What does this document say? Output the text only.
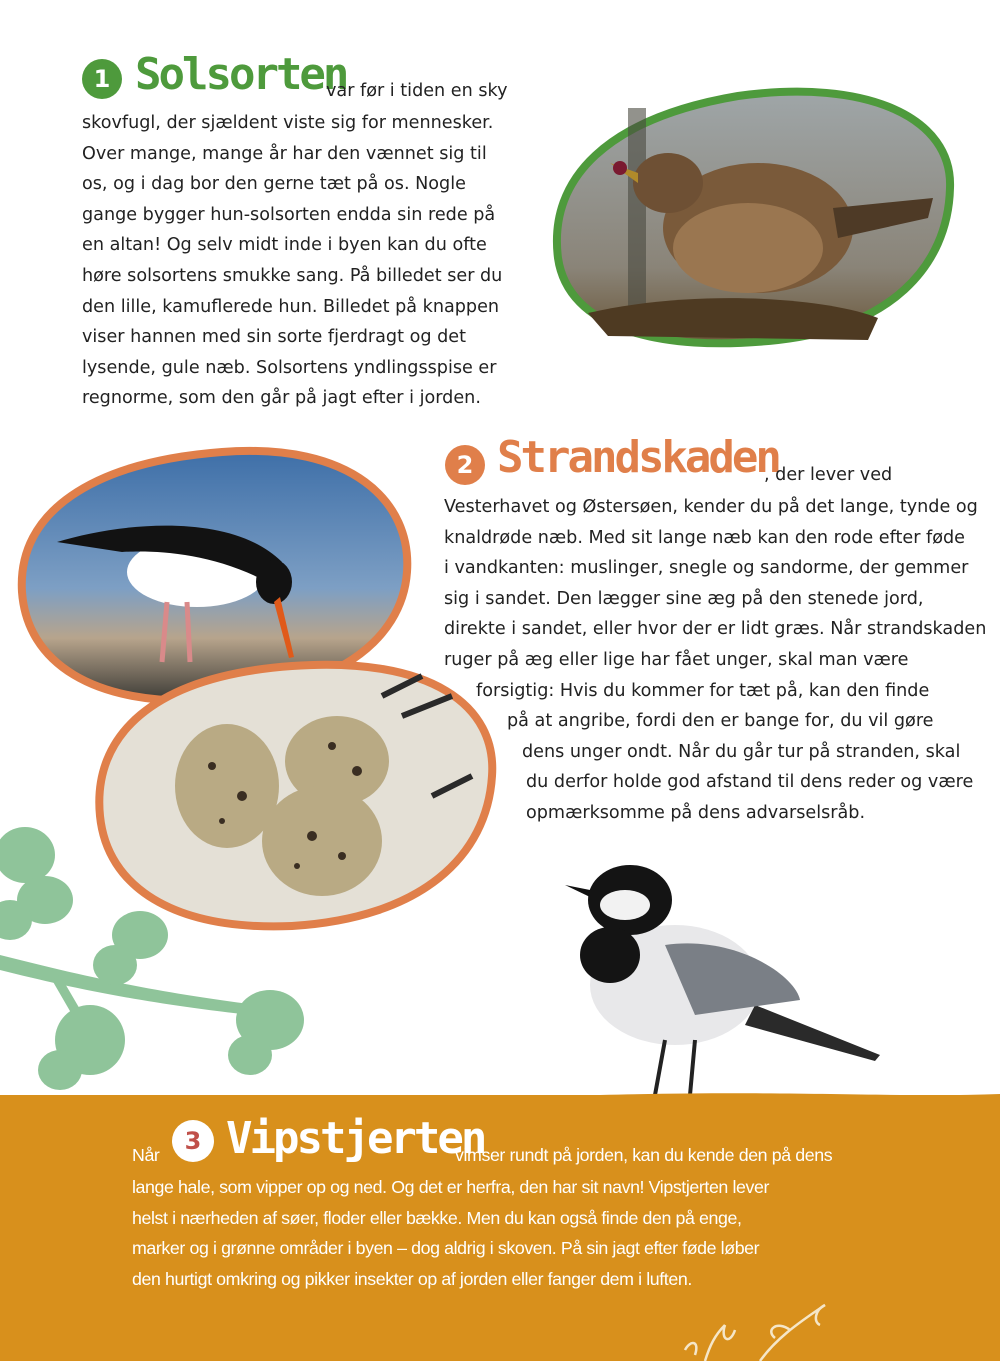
1 Solsorten
var før i tiden en sky
skovfugl, der sjældent viste sig for mennesker.
Over mange, mange år har den vænnet sig til
os, og i dag bor den gerne tæt på os. Nogle
gange bygger hun-solsorten endda sin rede på
en altan! Og selv midt inde i byen kan du ofte
høre solsortens smukke sang. På billedet ser du
den lille, kamuflerede hun. Billedet på knappen
viser hannen med sin sorte fjerdragt og det
lysende, gule næb. Solsortens yndlingsspise er
regnorme, som den går på jagt efter i jorden.
2 Strandskaden
, der lever ved
Vesterhavet og Østersøen, kender du på det lange, tynde og
knaldrøde næb. Med sit lange næb kan den rode efter føde
i vandkanten: muslinger, snegle og sandorme, der gemmer
sig i sandet. Den lægger sine æg på den stenede jord,
direkte i sandet, eller hvor der er lidt græs. Når strandskaden
ruger på æg eller lige har fået unger, skal man være
forsigtig: Hvis du kommer for tæt på, kan den finde
på at angribe, fordi den er bange for, du vil gøre
dens unger ondt. Når du går tur på stranden, skal
du derfor holde god afstand til dens reder og være
opmærksomme på dens advarselsråb.
Når	3 Vipstjerten
vimser rundt på jorden, kan du kende den på dens
lange hale, som vipper op og ned. Og det er herfra, den har sit navn! Vipstjerten lever
helst i nærheden af søer, floder eller bække. Men du kan også finde den på enge,
marker og i grønne områder i byen – dog aldrig i skoven. På sin jagt efter føde løber
den hurtigt omkring og pikker insekter op af jorden eller fanger dem i luften.
